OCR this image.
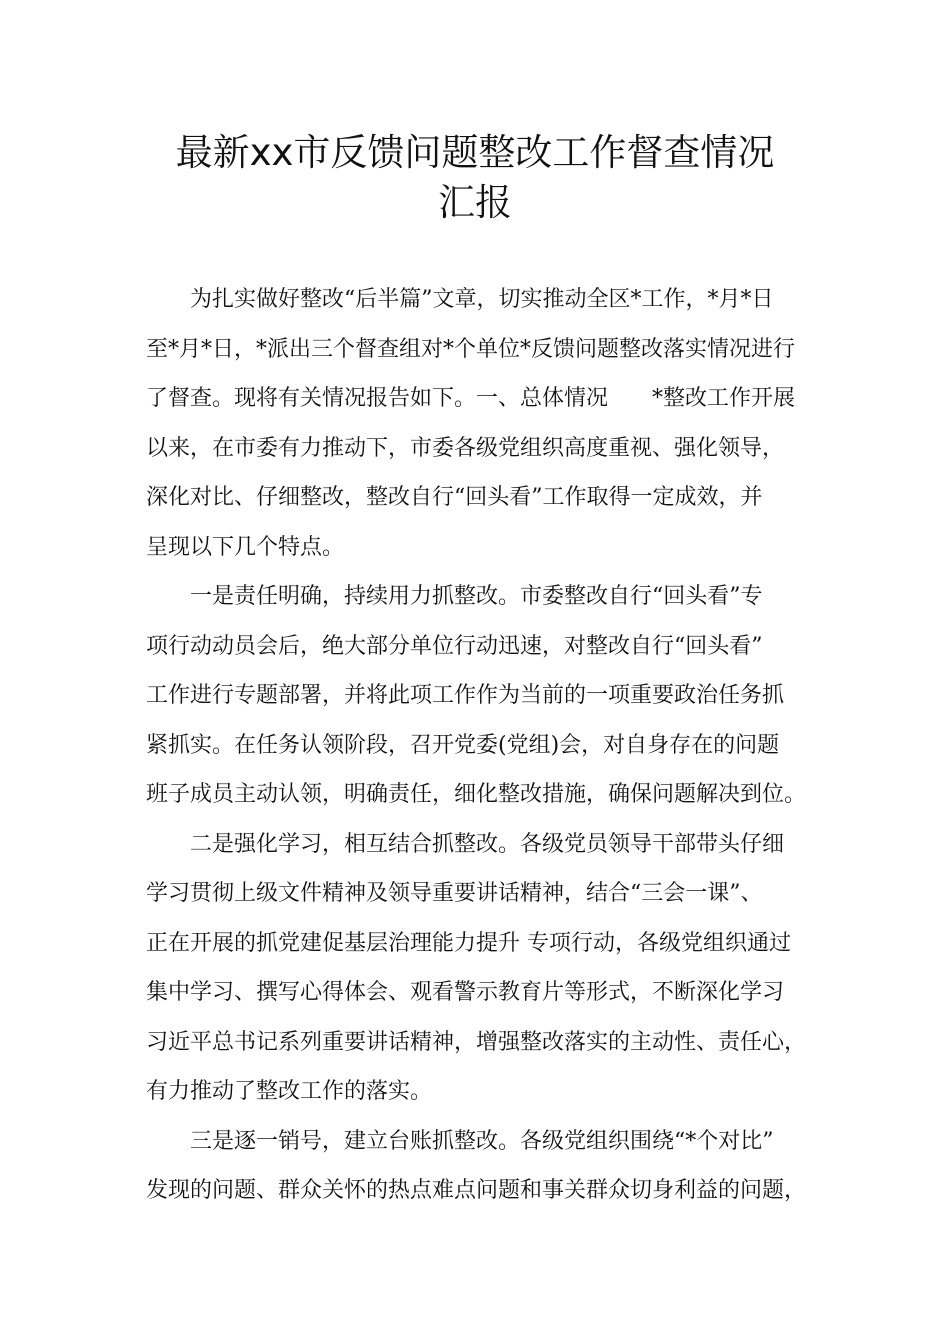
最新xx市反馈问题整改工作督查情况
汇报
为扎实做好整改“后半篇”文章，切实推动全区*工作，*月*日
至*月*日，*派出三个督查组对*个单位*反馈问题整改落实情况进行
了督查。现将有关情况报告如下。一、总体情况　　*整改工作开展
以来，在市委有力推动下，市委各级党组织高度重视、强化领导，
深化对比、仔细整改，整改自行“回头看”工作取得一定成效，并
呈现以下几个特点。
一是责任明确，持续用力抓整改。市委整改自行“回头看”专
项行动动员会后，绝大部分单位行动迅速，对整改自行“回头看”
工作进行专题部署，并将此项工作作为当前的一项重要政治任务抓
紧抓实。在任务认领阶段，召开党委(党组)会，对自身存在的问题
班子成员主动认领，明确责任，细化整改措施，确保问题解决到位。
二是强化学习，相互结合抓整改。各级党员领导干部带头仔细
学习贯彻上级文件精神及领导重要讲话精神，结合“三会一课”、
正在开展的抓党建促基层治理能力提升 专项行动，各级党组织通过
集中学习、撰写心得体会、观看警示教育片等形式，不断深化学习
习近平总书记系列重要讲话精神，增强整改落实的主动性、责任心，
有力推动了整改工作的落实。
三是逐一销号，建立台账抓整改。各级党组织围绕“*个对比”
发现的问题、群众关怀的热点难点问题和事关群众切身利益的问题，
